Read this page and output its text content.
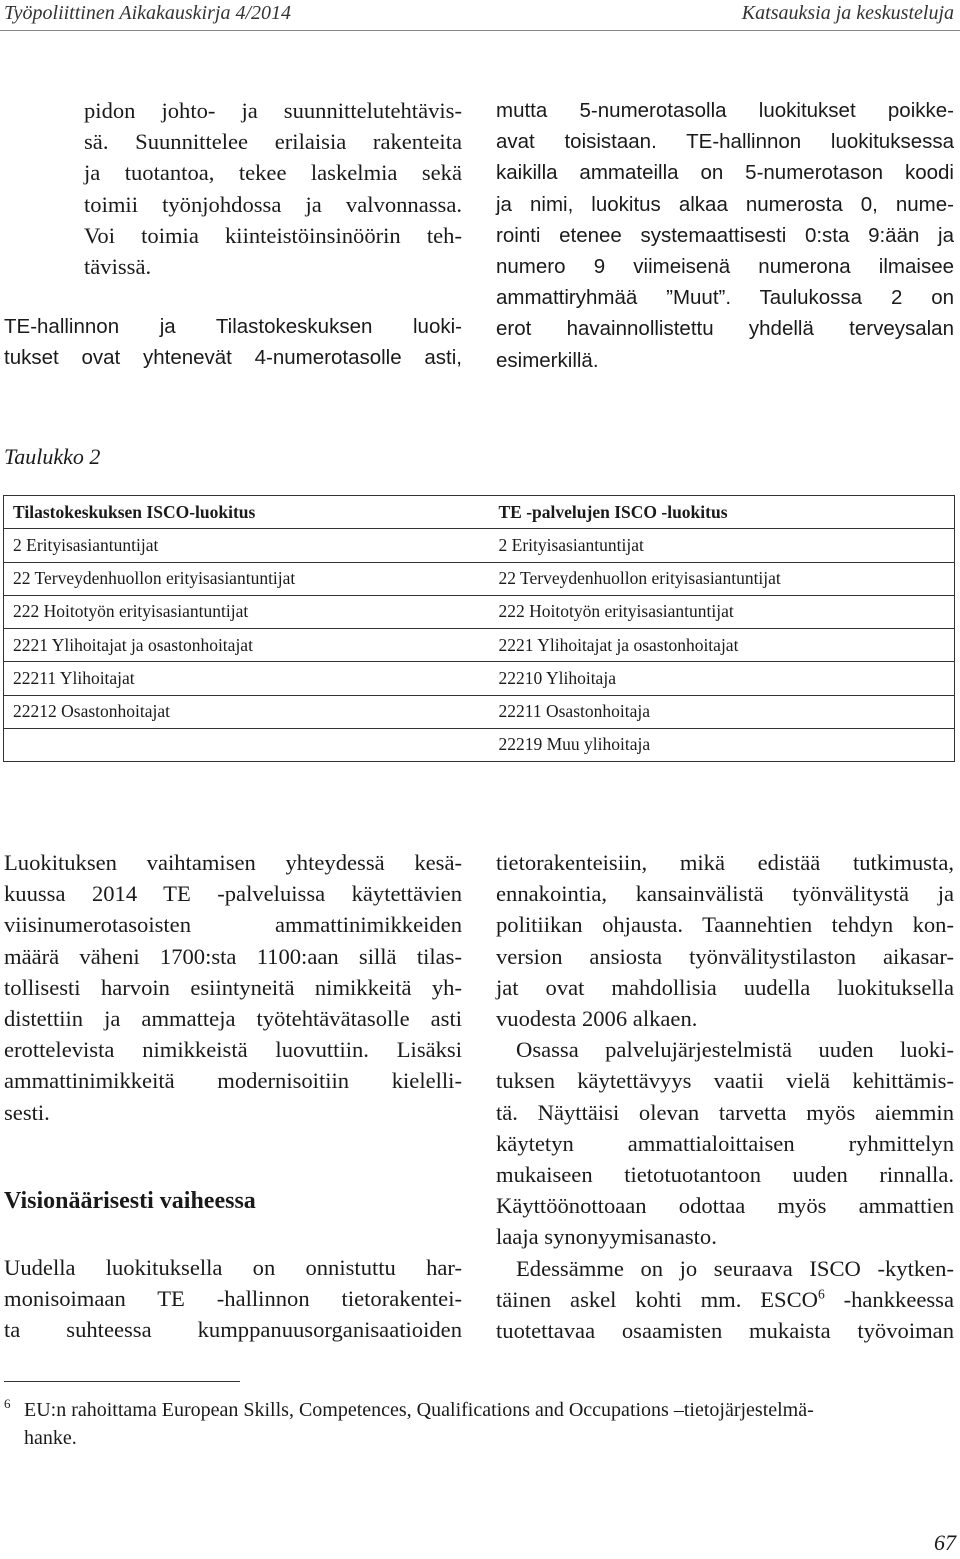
Työpoliittinen Aikakauskirja 4/2014	Katsauksia ja keskusteluja

pidon johto- ja suunnittelutehtävis-
sä. Suunnittelee erilaisia rakenteita
ja tuotantoa, tekee laskelmia sekä
toimii työnjohdossa ja valvonnassa.
Voi toimia kiinteistöinsinöörin teh-
tävissä.

TE-hallinnon ja Tilastokeskuksen luoki-
tukset ovat yhtenevät 4-numerotasolle asti,

mutta 5-numerotasolla luokitukset poikke-
avat toisistaan. TE-hallinnon luokituksessa
kaikilla ammateilla on 5-numerotason koodi
ja nimi, luokitus alkaa numerosta 0, nume-
rointi etenee systemaattisesti 0:sta 9:ään ja
numero 9 viimeisenä numerona ilmaisee
ammattiryhmää ”Muut”. Taulukossa 2 on
erot havainnollistettu yhdellä terveysalan
esimerkillä.

Taulukko 2
Tilastokeskuksen ISCO-luokitus	TE -palvelujen ISCO -luokitus
2 Erityisasiantuntijat	2 Erityisasiantuntijat
22 Terveydenhuollon erityisasiantuntijat	22 Terveydenhuollon erityisasiantuntijat
222 Hoitotyön erityisasiantuntijat	222 Hoitotyön erityisasiantuntijat
2221 Ylihoitajat ja osastonhoitajat	2221 Ylihoitajat ja osastonhoitajat
22211 Ylihoitajat	22210 Ylihoitaja
22212 Osastonhoitajat	22211 Osastonhoitaja
	22219 Muu ylihoitaja

Luokituksen vaihtamisen yhteydessä kesä-
kuussa 2014 TE -palveluissa käytettävien
viisinumerotasoisten ammattinimikkeiden
määrä väheni 1700:sta 1100:aan sillä tilas-
tollisesti harvoin esiintyneitä nimikkeitä yh-
distettiin ja ammatteja työtehtävätasolle asti
erottelevista nimikkeistä luovuttiin. Lisäksi
ammattinimikkeitä modernisoitiin kielelli-
sesti.

Visionäärisesti vaiheessa

Uudella luokituksella on onnistuttu har-
monisoimaan TE -hallinnon tietorakentei-
ta suhteessa kumppanuusorganisaatioiden

tietorakenteisiin, mikä edistää tutkimusta,
ennakointia, kansainvälistä työnvälitystä ja
politiikan ohjausta. Taannehtien tehdyn kon-
version ansiosta työnvälitystilaston aikasar-
jat ovat mahdollisia uudella luokituksella
vuodesta 2006 alkaen.

Osassa palvelujärjestelmistä uuden luoki-
tuksen käytettävyys vaatii vielä kehittämis-
tä. Näyttäisi olevan tarvetta myös aiemmin
käytetyn ammattialoittaisen ryhmittelyn
mukaiseen tietotuotantoon uuden rinnalla.
Käyttöönottoaan odottaa myös ammattien
laaja synonyymisanasto.

Edessämme on jo seuraava ISCO -kytken-
täinen askel kohti mm. ESCO$^6$ -hankkeessa
tuotettavaa osaamisten mukaista työvoiman

6 EU:n rahoittama European Skills, Competences, Qualifications and Occupations –tietojärjestelmä-
hanke.
67
